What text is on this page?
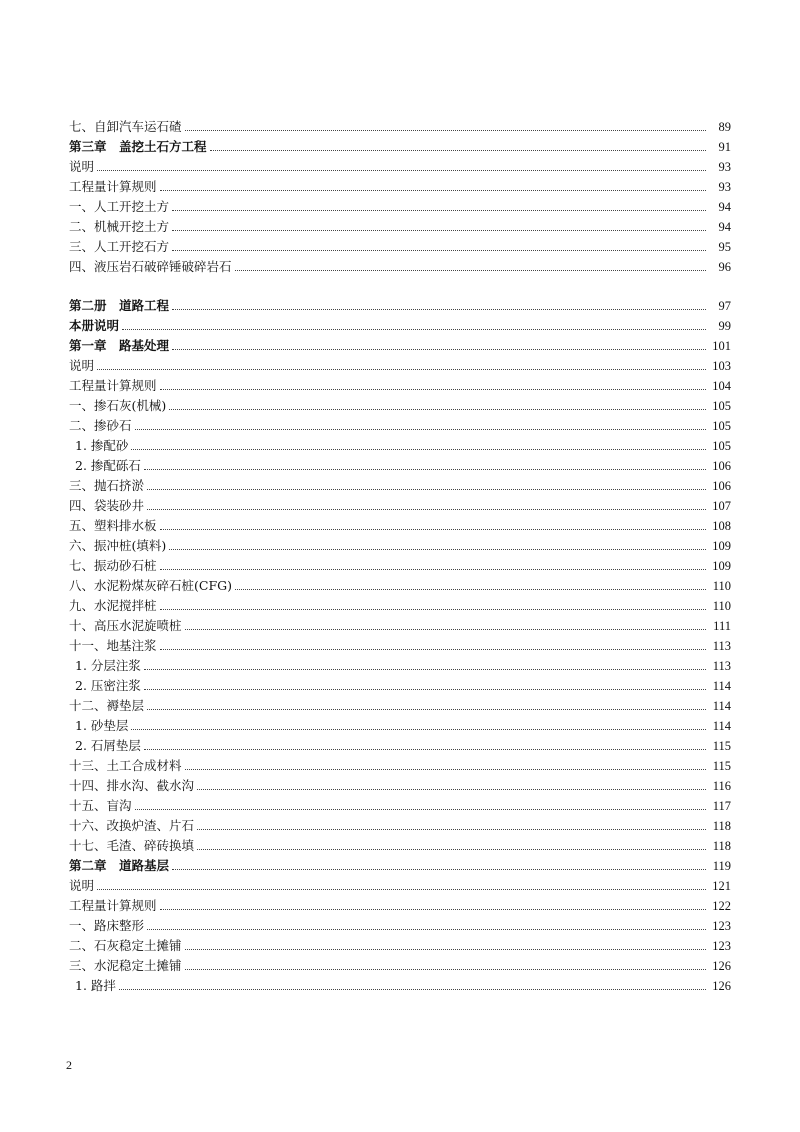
七、自卸汽车运石碴	89
第三章　盖挖土石方工程	91
说明	93
工程量计算规则	93
一、人工开挖土方	94
二、机械开挖土方	94
三、人工开挖石方	95
四、液压岩石破碎锤破碎岩石	96
第二册　道路工程	97
本册说明	99
第一章　路基处理	101
说明	103
工程量计算规则	104
一、掺石灰(机械)	105
二、掺砂石	105
1. 掺配砂	105
2. 掺配砾石	106
三、抛石挤淤	106
四、袋装砂井	107
五、塑料排水板	108
六、振冲桩(填料)	109
七、振动砂石桩	109
八、水泥粉煤灰碎石桩(CFG)	110
九、水泥搅拌桩	110
十、高压水泥旋喷桩	111
十一、地基注浆	113
1. 分层注浆	113
2. 压密注浆	114
十二、褥垫层	114
1. 砂垫层	114
2. 石屑垫层	115
十三、土工合成材料	115
十四、排水沟、截水沟	116
十五、盲沟	117
十六、改换炉渣、片石	118
十七、毛渣、碎砖换填	118
第二章　道路基层	119
说明	121
工程量计算规则	122
一、路床整形	123
二、石灰稳定土摊铺	123
三、水泥稳定土摊铺	126
1. 路拌	126
2
